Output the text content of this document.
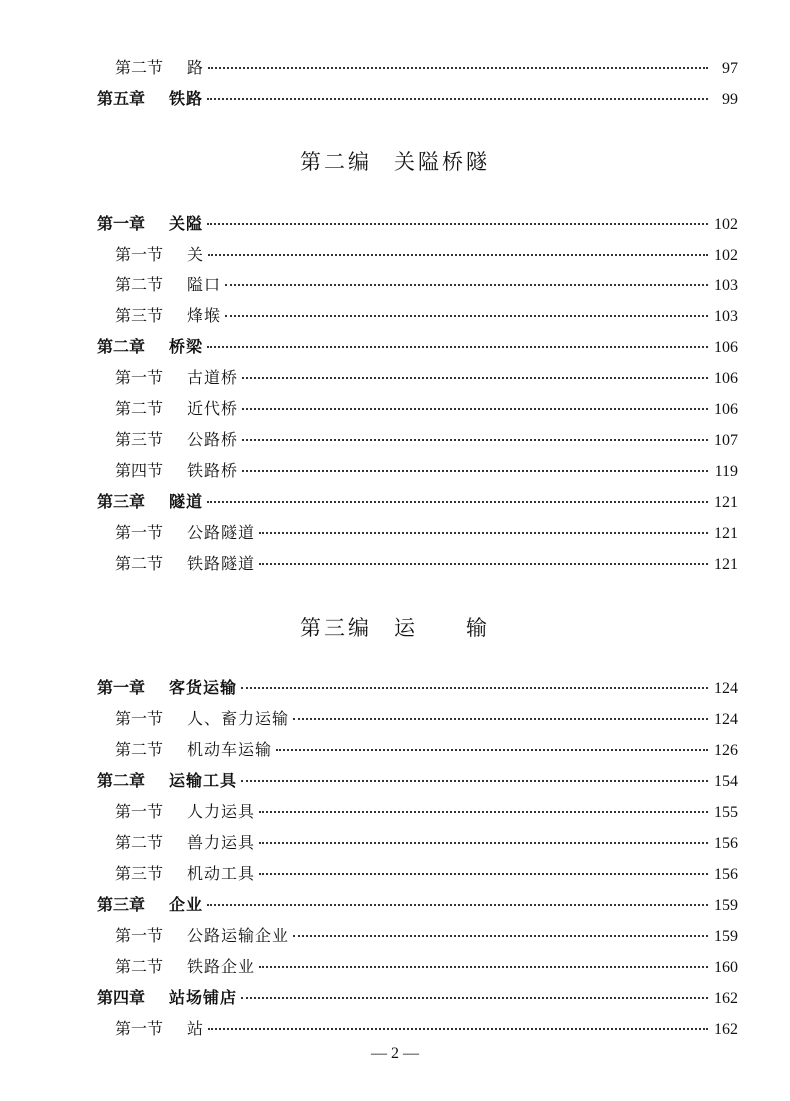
第二节	路	97
第五章	铁路	99
第二编 关隘桥隧
第一章	关隘	102
第一节	关	102
第二节	隘口	103
第三节	烽堠	103
第二章	桥梁	106
第一节	古道桥	106
第二节	近代桥	106
第三节	公路桥	107
第四节	铁路桥	119
第三章	隧道	121
第一节	公路隧道	121
第二节	铁路隧道	121
第三编 运　　输
第一章	客货运输	124
第一节	人、畜力运输	124
第二节	机动车运输	126
第二章	运输工具	154
第一节	人力运具	155
第二节	兽力运具	156
第三节	机动工具	156
第三章	企业	159
第一节	公路运输企业	159
第二节	铁路企业	160
第四章	站场铺店	162
第一节	站	162
— 2 —
